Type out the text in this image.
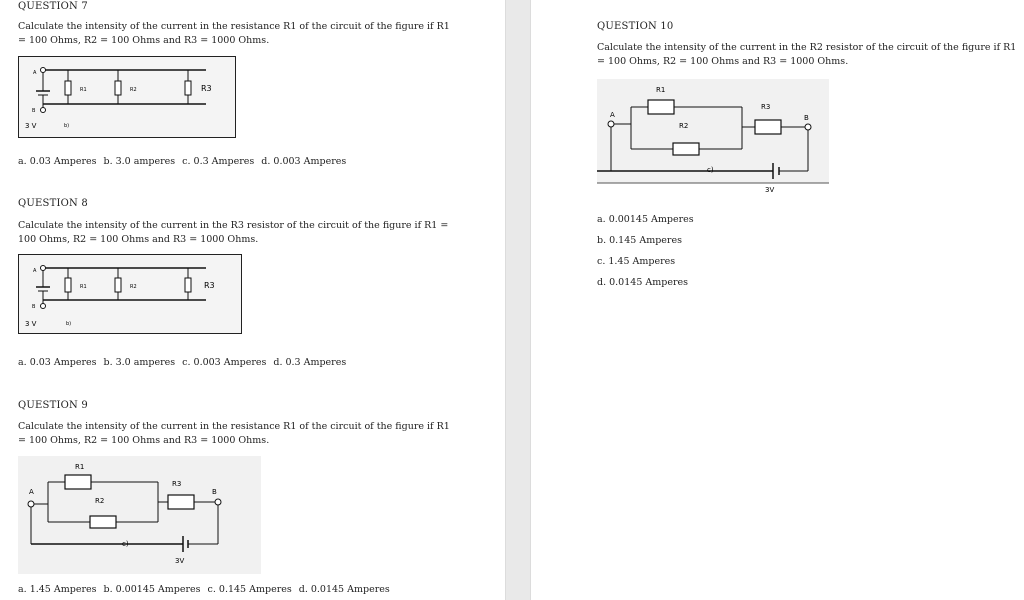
QUESTION 7
Calculate the intensity of the current in the resistance R1 of the circuit of the figure if R1 = 100 Ohms, R2 = 100 Ohms and R3 = 1000 Ohms.
A
B
R1	R2	R3
3 V	b)
a. 0.03 Amperes b. 3.0 amperes c. 0.3 Amperes d. 0.003 Amperes
QUESTION 8
Calculate the intensity of the current in the R3 resistor of the circuit of the figure if R1 = 100 Ohms, R2 = 100 Ohms and R3 = 1000 Ohms.
A
B
R1	R2	R3
3 V	b)
a. 0.03 Amperes b. 3.0 amperes c. 0.003 Amperes d. 0.3 Amperes
QUESTION 9
Calculate the intensity of the current in the resistance R1 of the circuit of the figure if R1 = 100 Ohms, R2 = 100 Ohms and R3 = 1000 Ohms.
R1
R3
A	B
R2
c)
3V
a. 1.45 Amperes b. 0.00145 Amperes c. 0.145 Amperes d. 0.0145 Amperes
QUESTION 10
Calculate the intensity of the current in the R2 resistor of the circuit of the figure if R1 = 100 Ohms, R2 = 100 Ohms and R3 = 1000 Ohms.
R1
R3
A	B
R2
c)
3V
a. 0.00145 Amperes
b. 0.145 Amperes
c. 1.45 Amperes
d. 0.0145 Amperes
